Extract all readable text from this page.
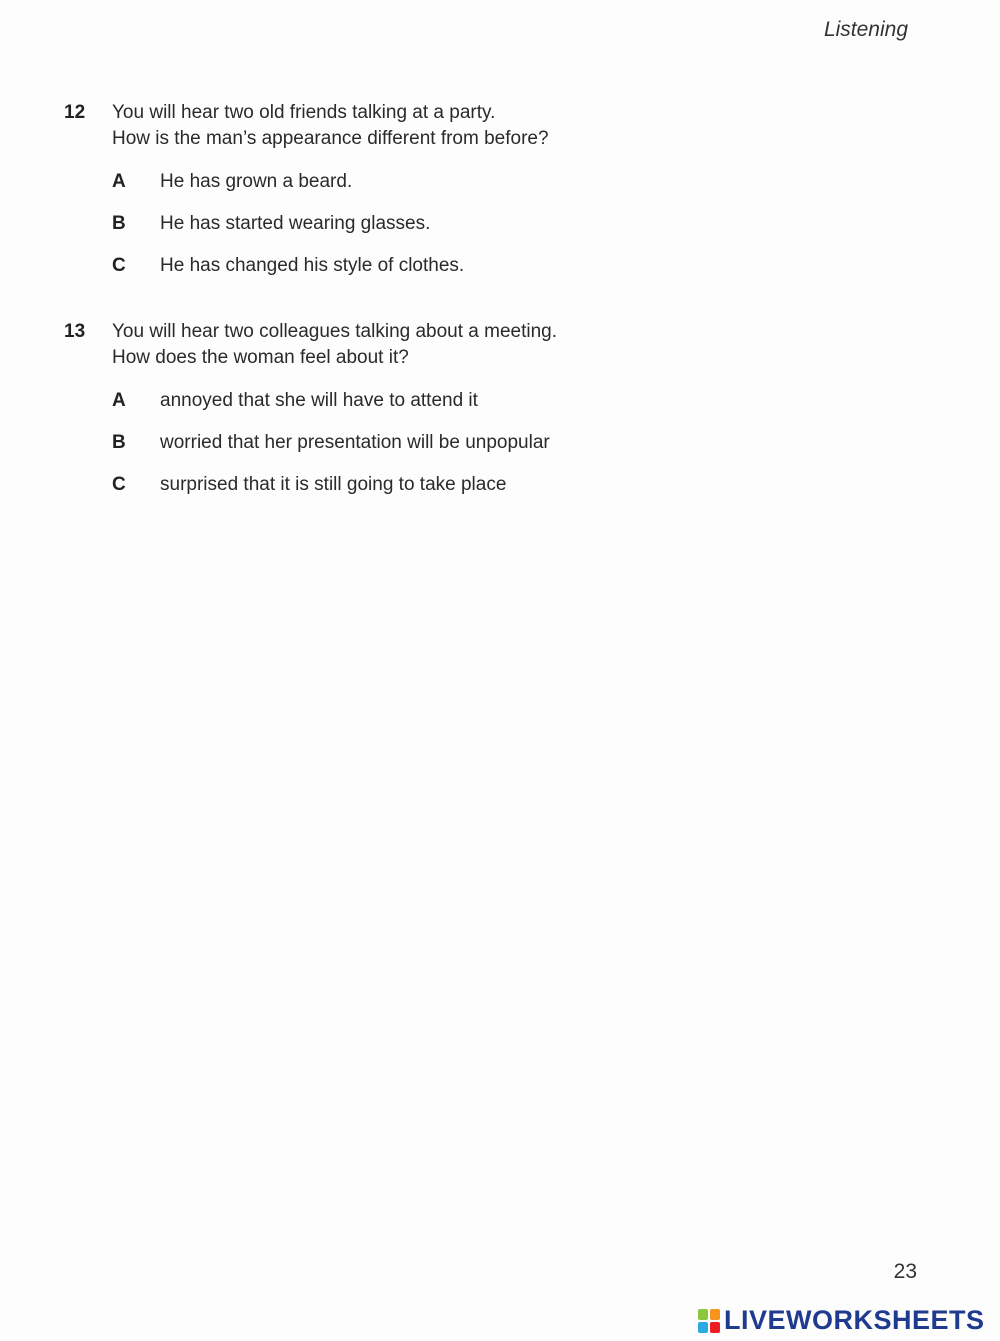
Listening
12	You will hear two old friends talking at a party.
How is the man’s appearance different from before?
A	He has grown a beard.
B	He has started wearing glasses.
C	He has changed his style of clothes.
13	You will hear two colleagues talking about a meeting.
How does the woman feel about it?
A	annoyed that she will have to attend it
B	worried that her presentation will be unpopular
C	surprised that it is still going to take place
23
LIVEWORKSHEETS
